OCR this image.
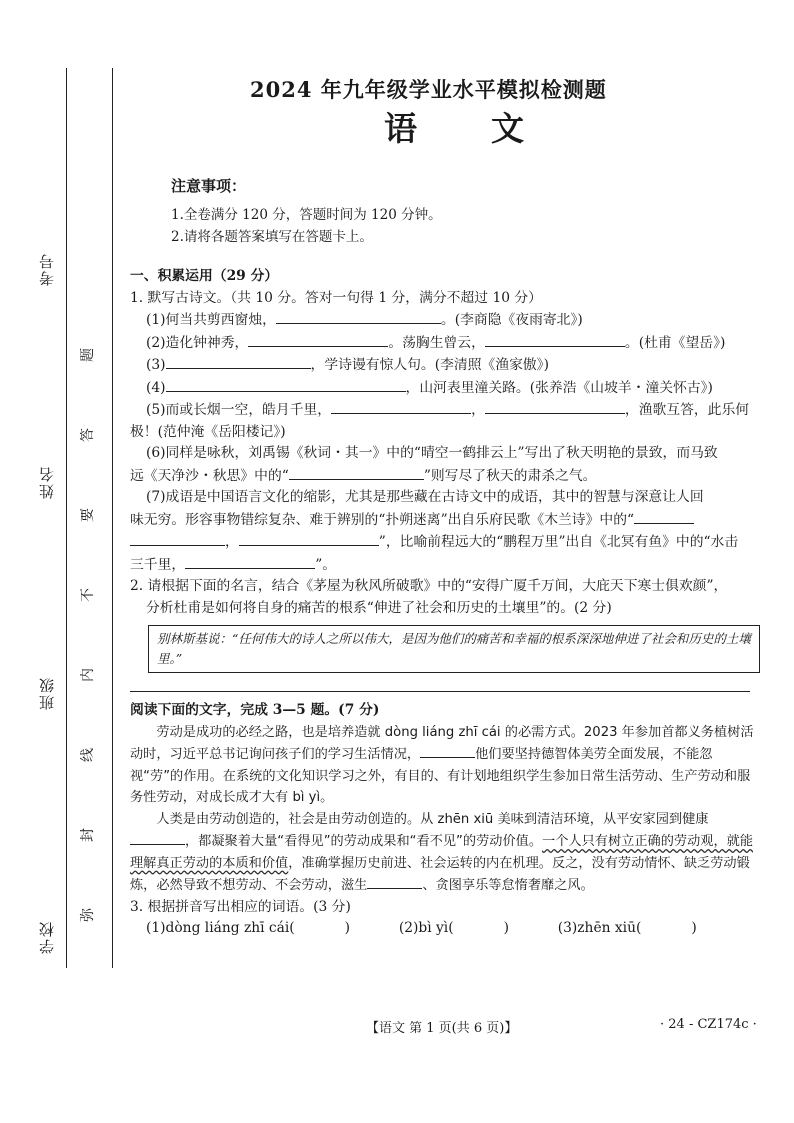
考号
姓名
班级
学校
题
答
要
不
内
线
封
弥
2024 年九年级学业水平模拟检测题
语文
注意事项：
1.全卷满分 120 分，答题时间为 120 分钟。
2.请将各题答案填写在答题卡上。

一、积累运用（29 分）

1. 默写古诗文。（共 10 分。答对一句得 1 分，满分不超过 10 分）

(1)何当共剪西窗烛，	。(李商隐《夜雨寄北》)

(2)造化钟神秀，	。荡胸生曾云，	。(杜甫《望岳》)

(3)	，学诗谩有惊人句。(李清照《渔家傲》)

(4)	，山河表里潼关路。(张养浩《山坡羊・潼关怀古》)

(5)而或长烟一空，皓月千里，	，	，渔歌互答，此乐何

极！(范仲淹《岳阳楼记》)

(6)同样是咏秋，刘禹锡《秋词・其一》中的“晴空一鹤排云上”写出了秋天明艳的景致，而马致

远《天净沙・秋思》中的“	”则写尽了秋天的肃杀之气。

(7)成语是中国语言文化的缩影，尤其是那些藏在古诗文中的成语，其中的智慧与深意让人回

味无穷。形容事物错综复杂、难于辨别的“扑朔迷离”出自乐府民歌《木兰诗》中的“

，	”，比喻前程远大的“鹏程万里”出自《北冥有鱼》中的“水击

三千里，	”。

2. 请根据下面的名言，结合《茅屋为秋风所破歌》中的“安得广厦千万间，大庇天下寒士俱欢颜”，

分析杜甫是如何将自身的痛苦的根系“伸进了社会和历史的土壤里”的。(2 分)

别林斯基说：“任何伟大的诗人之所以伟大，是因为他们的痛苦和幸福的根系深深地伸进了社会和历史的土壤里。”

阅读下面的文字，完成 3—5 题。(7 分)

劳动是成功的必经之路，也是培养造就 dòng liáng zhī cái 的必需方式。2023 年参加首都义务植树活动时，习近平总书记询问孩子们的学习生活情况，	他们要坚持德智体美劳全面发展，不能忽视“劳”的作用。在系统的文化知识学习之外，有目的、有计划地组织学生参加日常生活劳动、生产劳动和服务性劳动，对成长成才大有 bì yì。

人类是由劳动创造的，社会是由劳动创造的。从 zhēn xiū 美味到清洁环境，从平安家园到健康，都凝聚着大量“看得见”的劳动成果和“看不见”的劳动价值。一个人只有树立正确的劳动观，就能理解真正劳动的本质和价值，准确掌握历史前进、社会运转的内在机理。反之，没有劳动情怀、缺乏劳动锻炼，必然导致不想劳动、不会劳动，滋生	、贪图享乐等怠惰奢靡之风。

3. 根据拼音写出相应的词语。(3 分)

(1)dòng liáng zhī cái(	)	(2)bì yì(	)	(3)zhēn xiū(	)

【语文 第 1 页(共 6 页)】	· 24 - CZ174c ·
